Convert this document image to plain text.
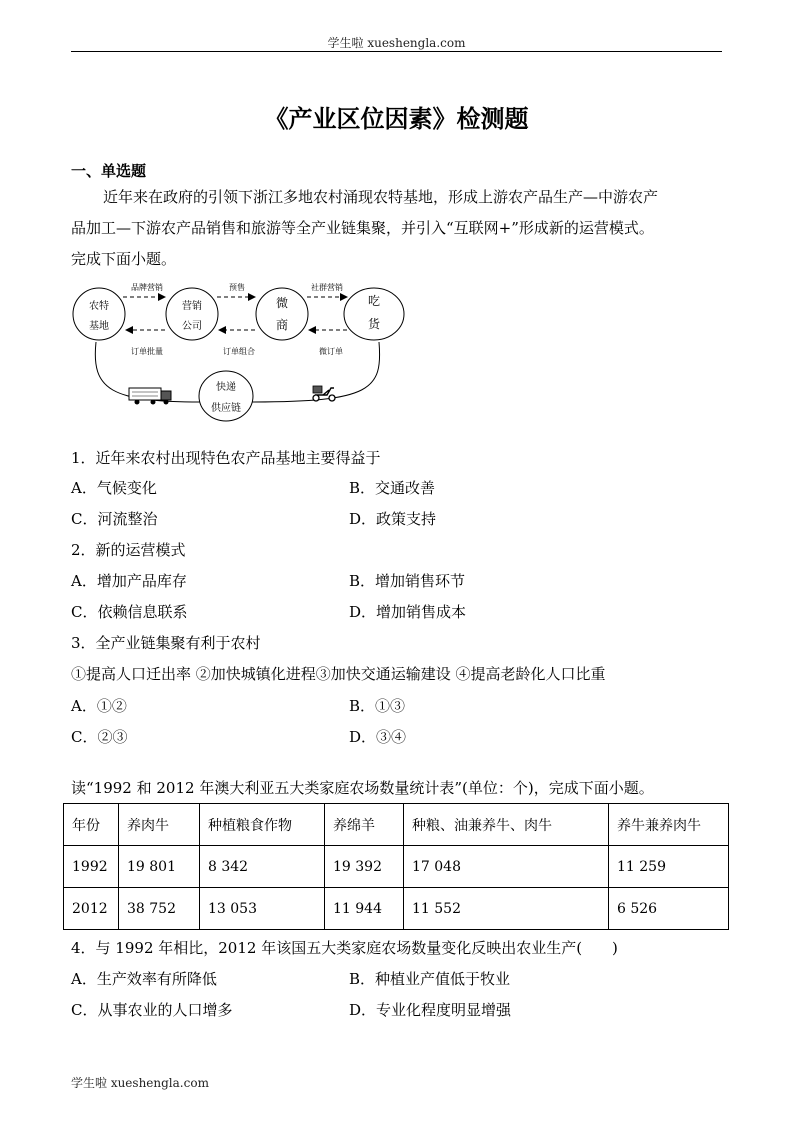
学生啦 xueshengla.com
《产业区位因素》检测题
一、单选题
近年来在政府的引领下浙江多地农村涌现农特基地，形成上游农产品生产—中游农产
品加工—下游农产品销售和旅游等全产业链集聚，并引入“互联网+”形成新的运营模式。
完成下面小题。
农特
基地
营销
公司
微
商
吃
货
快递
供应链
品牌营销	预售	社群营销
订单批量	订单组合	微订单
1．近年来农村出现特色农产品基地主要得益于
A．气候变化	B．交通改善
C．河流整治	D．政策支持
2．新的运营模式
A．增加产品库存	B．增加销售环节
C．依赖信息联系	D．增加销售成本
3．全产业链集聚有利于农村
①提高人口迁出率 ②加快城镇化进程③加快交通运输建设 ④提高老龄化人口比重
A．①②	B．①③
C．②③	D．③④
读“1992 和 2012 年澳大利亚五大类家庭农场数量统计表”(单位：个)，完成下面小题。
年份	养肉牛	种植粮食作物	养绵羊	种粮、油兼养牛、肉牛	养牛兼养肉牛
1992	19 801	8 342	19 392	17 048	11 259
2012	38 752	13 053	11 944	11 552	6 526
4．与 1992 年相比，2012 年该国五大类家庭农场数量变化反映出农业生产(　　)
A．生产效率有所降低	B．种植业产值低于牧业
C．从事农业的人口增多	D．专业化程度明显增强
学生啦 xueshengla.com
